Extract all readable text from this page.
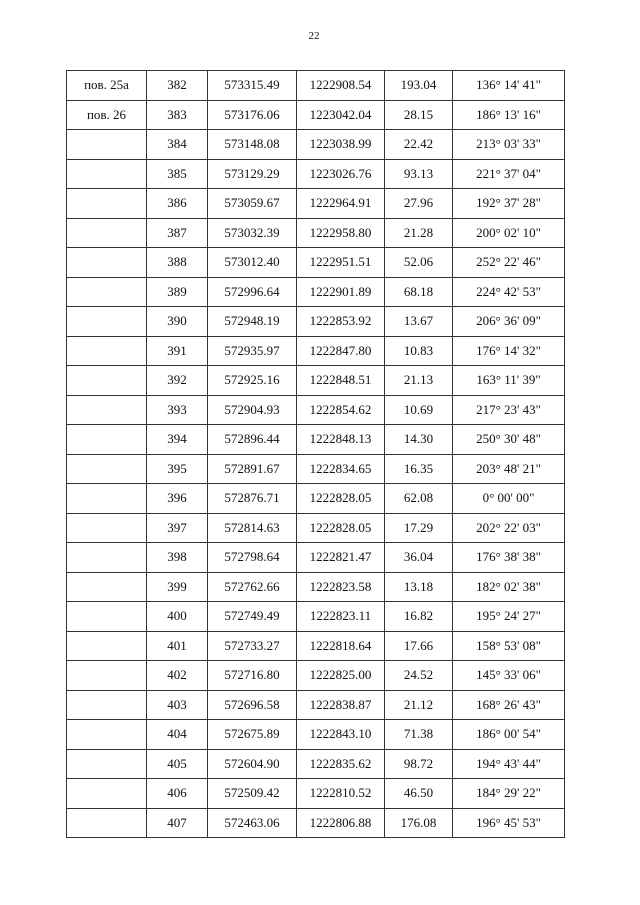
22
пов. 25а	382	573315.49	1222908.54	193.04	136° 14' 41"
пов. 26	383	573176.06	1223042.04	28.15	186° 13' 16"
	384	573148.08	1223038.99	22.42	213° 03' 33"
	385	573129.29	1223026.76	93.13	221° 37' 04"
	386	573059.67	1222964.91	27.96	192° 37' 28"
	387	573032.39	1222958.80	21.28	200° 02' 10"
	388	573012.40	1222951.51	52.06	252° 22' 46"
	389	572996.64	1222901.89	68.18	224° 42' 53"
	390	572948.19	1222853.92	13.67	206° 36' 09"
	391	572935.97	1222847.80	10.83	176° 14' 32"
	392	572925.16	1222848.51	21.13	163° 11' 39"
	393	572904.93	1222854.62	10.69	217° 23' 43"
	394	572896.44	1222848.13	14.30	250° 30' 48"
	395	572891.67	1222834.65	16.35	203° 48' 21"
	396	572876.71	1222828.05	62.08	0° 00' 00"
	397	572814.63	1222828.05	17.29	202° 22' 03"
	398	572798.64	1222821.47	36.04	176° 38' 38"
	399	572762.66	1222823.58	13.18	182° 02' 38"
	400	572749.49	1222823.11	16.82	195° 24' 27"
	401	572733.27	1222818.64	17.66	158° 53' 08"
	402	572716.80	1222825.00	24.52	145° 33' 06"
	403	572696.58	1222838.87	21.12	168° 26' 43"
	404	572675.89	1222843.10	71.38	186° 00' 54"
	405	572604.90	1222835.62	98.72	194° 43' 44"
	406	572509.42	1222810.52	46.50	184° 29' 22"
	407	572463.06	1222806.88	176.08	196° 45' 53"
